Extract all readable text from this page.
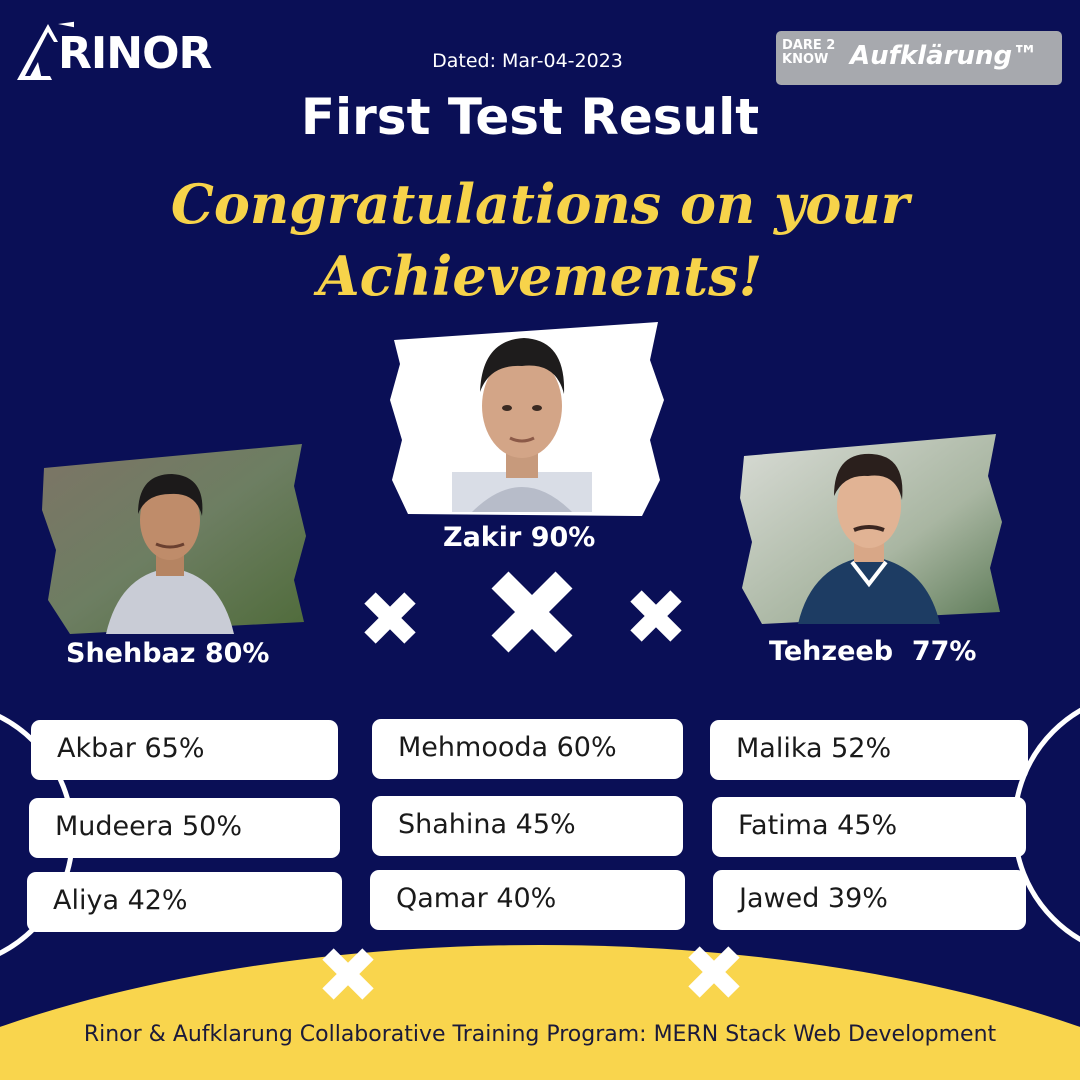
RINOR	Dated: Mar-04-2023
DARE 2 KNOW Aufklärung™
First Test Result
Congratulations on your
Achievements!
Zakir 90%
Shehbaz 80%	Tehzeeb  77%
Akbar 65%	Mehmooda 60%	Malika 52%
Mudeera 50%	Shahina 45%	Fatima 45%
Aliya 42%	Qamar 40%	Jawed 39%
Rinor & Aufklarung Collaborative Training Program: MERN Stack Web Development
